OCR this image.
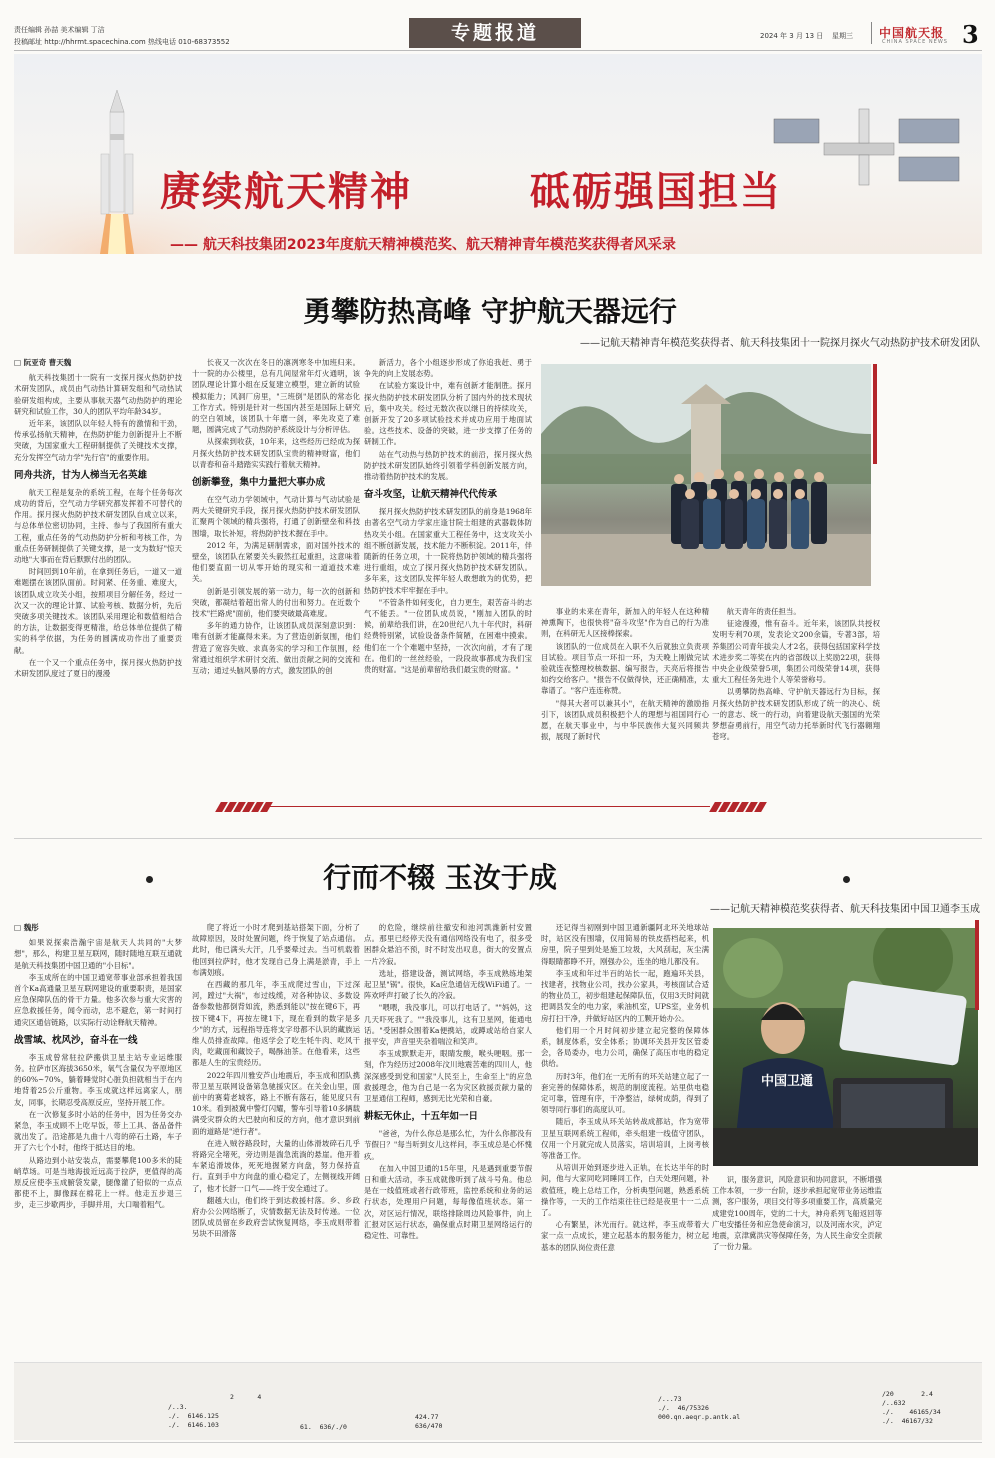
责任编辑 孙喆 美术编辑 丁洁
投稿邮址 http://hhrmt.spacechina.com 热线电话 010-68373552	专题报道	2024 年 3 月 13 日 星期三 中国航天报
CHINA SPACE NEWS 3
赓续航天精神	砥砺强国担当
—— 航天科技集团2023年度航天精神模范奖、航天精神青年模范奖获得者风采录
勇攀防热高峰 守护航天器远行
——记航天精神青年模范奖获得者、航天科技集团十一院探月探火气动热防护技术研发团队
□ 阮亚奇 曹天魏

航天科技集团十一院有一支探月探火热防护技术研发团队，成员由气动热计算研发组和气动热试验研发组构成，主要从事航天器气动热防护的理论研究和试验工作，30人的团队平均年龄34岁。

近年来，该团队以年轻人特有的激情和干劲，传承弘扬航天精神，在热防护能力创新提升上不断突破，为国家重大工程研制提供了关键技术支撑，充分发挥空气动力学"先行官"的重要作用。

同舟共济，甘为人梯当无名英雄

航天工程是复杂的系统工程，在每个任务每次成功的背后，空气动力学研究都发挥着不可替代的作用。探月探火热防护技术研发团队自成立以来，与总体单位密切协同，主持、参与了我国所有重大工程，重点任务的气动热防护分析和考核工作，为重点任务研制提供了关键支撑，是一支为数好"惊天动地"大事而在背后默默付出的团队。

时间回到10年前，在拿到任务后，一道又一道难题摆在该团队面前。时间紧、任务重、难度大，该团队成立攻关小组，按照项目分解任务，经过一次又一次的理论计算、试验考核、数据分析，先后突破多项关键技术。该团队采用理论和数值相结合的方法，让数据变得更精准，给总体单位提供了精实的科学依据，为任务的圆满成功作出了重要贡献。

在一个又一个重点任务中，探月探火热防护技术研发团队度过了夏日的漫漫

长夜又一次次在冬日的凛冽寒冬中加班归来。十一院的办公楼里，总有几间屋常年灯火通明，该团队理论计算小组在反复建立模型，建立新的试验模拟能力；风洞厂房里，"三班倒"是团队的常态化工作方式。特别是针对一些国内甚至是国际上研究的空白领域，该团队十年磨一剑，率先攻克了难题，圆满完成了气动热防护系统设计与分析评估。

从探索到收获，10年来，这些经历已经成为探月探火热防护技术研发团队宝贵的精神财富，他们以青春和奋斗踏踏实实践行着航天精神。

创新攀登，集中力量把大事办成

在空气动力学领域中，气动计算与气动试验是两大关键研究手段，探月探火热防护技术研发团队汇聚两个领域的精兵强将，打通了创新壁垒和科技围墙，取长补短，将热防护技术握在手中。

2012 年，为满足研制需求，面对国外技术的壁垒，该团队在紧要关头毅然扛起重担，这意味着他们要直面一切从零开始的现实和一道道技术难关。

创新是引领发展的第一动力，每一次的创新和突破，都凝结着超出常人的付出和努力。在近数个技术"拦路虎"面前，他们要突破最高难度。

多年的通力协作，让该团队成员深刻意识到：唯有创新才能赢得未来。为了营造创新氛围，他们营造了宽容失败、求真务实的学习和工作氛围，经常通过组织学术研讨交流、做出贡献之间的交流和互动；通过头脑风暴的方式，激发团队的创

新活力，各个小组逐步形成了你追我赶、勇于争先的向上发展态势。

在试验方案设计中，难有创新才能制胜。探月探火热防护技术研发团队分析了国内外的技术现状后，集中攻关。经过无数次夜以继日的持续攻关，创新开发了20多项试验技术并成功应用于地面试验。这些技术、设备的突破，进一步支撑了任务的研制工作。

站在气动热与热防护技术的前沿，探月探火热防护技术研发团队始终引领着学科创新发展方向，推动着热防护技术的发展。

奋斗攻坚，让航天精神代代传承

探月探火热防护技术研发团队的前身是1968年由著名空气动力学家庄逢甘院士组建的武器载体防热攻关小组。在国家重大工程任务中，这支攻关小组不断创新发展，技术能力不断积淀。2011年，伴随新的任务立项，十一院将热防护领域的精兵强将进行重组，成立了探月探火热防护技术研发团队。多年来，这支团队发挥年轻人敢想敢为的优势，把热防护技术牢牢握在手中。

"不管条件如何变化，自力更生，艰苦奋斗的志气不能丢。"一位团队成员说，"刚加入团队的时候，前辈给我们讲，在20世纪八九十年代时，科研经费特别紧，试验设备条件简陋，在困难中摸索。他们在一个个难题中坚持，一次次向前，才有了现在。他们的一丝丝经验，一段段故事都成为我们宝贵的财富。"这是前辈留给我们最宝贵的财富。"

事业的未来在青年，新加入的年轻人在这种精神熏陶下，也很快将"奋斗攻坚"作为自己的行为准则，在科研无人区接棒探索。

该团队的一位成员在入职不久后就独立负责项目试验。项目节点一环扣一环，为天晚上刚做完试验就连夜整理校核数据、编写报告，天亮后将报告如约交给客户。"报告不仅做得快，还正确精准，太靠谱了。"客户连连称赞。

"得其大者可以兼其小"，在航天精神的激励指引下，该团队成员积极把个人的理想与祖国同行心愿，在航天事业中，与中华民族伟大复兴同频共振，展现了新时代

航天青年的责任担当。

征途漫漫，惟有奋斗。近年来，该团队共授权发明专利70项，发表论文200余篇，专著3部，培养集团公司青年拔尖人才2名，获得包括国家科学技术进步奖二等奖在内的省部级以上奖励22项，获得中央企业级荣誉5项，集团公司级荣誉14项，获得重大工程任务先进个人等荣誉称号。

以勇攀防热高峰、守护航天器远行为目标，探月探火热防护技术研发团队形成了统一的决心、统一的意志、统一的行动，向着建设航天强国的光荣梦想奋勇前行，用空气动力托举新时代飞行器翱翔苍穹。

行而不辍 玉汝于成
——记航天精神模范奖获得者、航天科技集团中国卫通李玉成
□ 魏彤

如果说探索浩瀚宇宙是航天人共同的"大梦想"，那么，构建卫星互联网，随时随地互联互通就是航天科技集团中国卫通的"小目标"。

李玉成所在的中国卫通宽带事业部承担着我国首个Ka高通量卫星互联网建设的重要职责，是国家应急保障队伍的骨干力量。他多次参与重大灾害的应急救援任务，闻令而动，忠不避危，第一时间打通灾区通信链路，以实际行动诠释航天精神。

战雪域、枕风沙，奋斗在一线

李玉成曾常驻拉萨搬供卫星主站专业运维服务。拉萨市区海拔3650米，氧气含量仅为平原地区的60%~70%，躺着睡觉时心脏负担就相当于在内地背着25公斤重物。李玉成就这样远离家人，朋友，同事，长期忍受高原反应，坚持开展工作。

在一次修复多时小站的任务中，因为任务交办紧急，李玉成顾不上吃早饭，带上工具、备品备件就出发了。沿途都是九曲十八弯的碎石土路，车子开了六七个小时，他终于抵达目的地。

从路边到小站安装点，需要攀爬100多米的陡峭草场。可是当地海拔近远高于拉萨，更值得的高原反应使李玉成腑袋发蒙，腿像灌了铅似的一点点都使不上，脚像踩在棉花上一样。他走五步退三步，走三步歇两步，手脚并用，大口喘着粗气。

爬了将近一小时才爬到基站搭架下面，分析了故障原因，及时处置问题，终于恢复了站点通信。此时，他已满头大汗，几乎要晕过去。当可机载着他回到拉萨时，他才发现自己身上满是淤青，手上布满划痕。

在西藏的那几年，李玉成爬过雪山，下过深河，蹚过"大祸"，布过线缆，对各种协议、多数设备参数他都倒背如流，熟悉到能以"按在键6下，再按下键4下，再按左键1下，现在看到的数字是多少"的方式，远程指导连将支字母都不认识的藏族运维人员排查故障。他返学会了吃生牦牛肉、吃风干肉，吃藏面和藏饺子，喝酥油茶。在他看来，这些都是人生的宝贵经历。

2022年四川雅安芦山地震后，李玉成和团队携带卫星互联网设备第急驰援灾区。在关金山里，面前中的赛菊老城客，路上不断有落石，能见度只有10米。看到被冀中警灯闪耀，警车引导着10多辆载满受灾群众的大巴驶向和反的方向，他才意识到前面的道路是"逆行者"。

在进入贼谷路段时，大量的山体滑坡碎石几乎将路完全堵死，旁边则是湍急流淌的悬崖。他开着车紧追滑坡体，死死地握紧方向盘，努力保持直行。直到手中方向盘的重心稳定了，左侧视线开阔了，他才长舒一口气——终于安全通过了。

翻越大山，他们终于到达救援村落。乡、乡政府办公公网络断了，灾情数据无法及时传递。一位团队成员留在乡政府尝试恢复网络，李玉成则带着另块不田滑落

的危险，继续前往撤安和池河凯潍新村安置点。那里已经停天没有通信网络没有电了，很多受困群众悬泊不预，时不时发出叹息，街大的安置点一片冷寂。

选址，搭建设备，测试网络，李玉成熟练地架起卫星"锅"。很快，Ka应急通信无线WiFi通了。一阵欢呼声打破了长久的冷寂。

"喂喂，我没事儿，可以打电话了。""妈妈，这几天吓死我了。""我没事儿，这有卫星网，能通电话。"受困群众围着Ka便携站，或蹲或站给自家人报平安，声音里夹杂着喘泣和笑声。

李玉成默默走开，眼睛发酸，喉头哽咽。那一刻，作为经历过2008年汶川地震苦难的四川人，他深深感受到党和国家"人民至上，生命至上"的应急救援理念，他为自己是一名为灾区救援贡献力量的卫星通信工程师，感到无比光荣和自豪。

耕耘无休止，十五年如一日

"爸爸，为什么你总是那么忙，为什么你都没有节假日？"每当听到女儿这样问，李玉成总是心怀愧疚。

在加入中国卫通的15年里，凡是遇到重要节假日和重大活动，李玉成就像听到了战斗号角。他总是在一线值班或者行政带班，监控系统和业务的运行状态，处理用户问题，每每像值班状态。第一次，对区运行情况，联络排除周边风险事件，向上汇报对区运行状态，确保重点时期卫星网络运行的稳定性、可靠性。

还记得当初刚到中国卫通新疆阿北环关地球站时，站区没有围墙，仅用简易的铁皮搭档起来，机房里，院子里到处是施工垃圾，大风刮起，灰尘满得眼睛都睁不开，刚强办公，连坐的地儿都没有。

李玉成和年过半百的站长一起，跑遍环关县，找建者，找物业公司，找办公家具，考核面试合适的物业员工，初步组建起保障队伍，仅用3天时间就把调县发全的电力家，乘油机室，UPS室，业务机房打扫干净，并做好站区内的工颗开始办公。

他们用一个月时间初步建立起完整的保障体系，制度体系，安全体系；协调环关县开发区管委会，各局委办，电力公司，确保了高压市电的稳定供给。

历时3年，他们在一无所有的环关站建立起了一套完善的保障体系，规范的制度流程。站里供电稳定可靠，管理有序，干净整洁，绿树成荫，得到了领导同行事们的高度认可。

随后，李玉成从环关站转战成都站，作为宽带卫星互联网系统工程师，牵头组建一线值守团队，仅用一个月就完成人员落实，培训培训，上岗考核等准备工作。

从培训开始到逐步进入正轨，在长达半年的时间，他与大家同吃同睡同工作，白天处理问题，补救值班，晚上总结工作，分析典型问题，熟悉系统操作等，一天的工作结束往往已经是夜里十一二点了。

心有繁星，沐光而行。就这样，李玉成带着大家一点一点成长，建立起基本的服务能力，树立起基本的团队岗位责任意

中国卫通

识，服务意识，风险意识和协同意识，不断增强工作本领，一步一台阶，逐步承担起宽带业务运维监测，客户服务，项目交付等多项重要工作，高质量完成建党100周年，党的二十大，神舟系列飞船返回等广电安播任务和应急使命演习，以及河南水灾，泸定地震，京津冀洪灾等保障任务，为人民生命安全贡献了一份力量。

2      4
/..3.
./.  6146.125
./.  6146.103	61.  636/./0
424.77
636/470
/...73
./.  46/75326
000.qn.aeqr.p.antk.al
/20       2.4
/..632
./.    46165/34
./.  46167/32
